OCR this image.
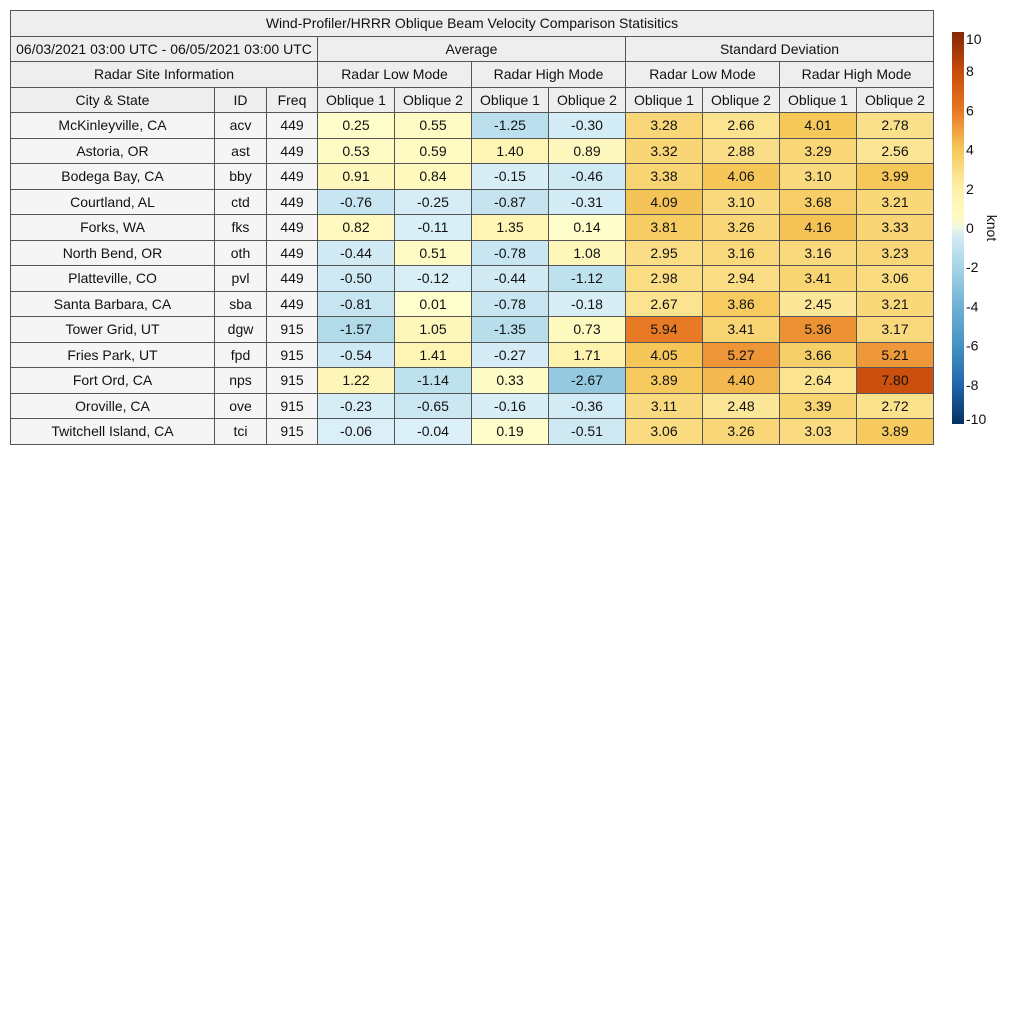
Wind-Profiler/HRRR Oblique Beam Velocity Comparison Statisitics										
06/03/2021 03:00 UTC - 06/05/2021 03:00 UTC			Average				Standard Deviation			
Radar Site Information			Radar Low Mode		Radar High Mode		Radar Low Mode		Radar High Mode	
City & State	ID	Freq	Oblique 1	Oblique 2	Oblique 1	Oblique 2	Oblique 1	Oblique 2	Oblique 1	Oblique 2
McKinleyville, CA	acv	449	0.25	0.55	-1.25	-0.30	3.28	2.66	4.01	2.78
Astoria, OR	ast	449	0.53	0.59	1.40	0.89	3.32	2.88	3.29	2.56
Bodega Bay, CA	bby	449	0.91	0.84	-0.15	-0.46	3.38	4.06	3.10	3.99
Courtland, AL	ctd	449	-0.76	-0.25	-0.87	-0.31	4.09	3.10	3.68	3.21
Forks, WA	fks	449	0.82	-0.11	1.35	0.14	3.81	3.26	4.16	3.33
North Bend, OR	oth	449	-0.44	0.51	-0.78	1.08	2.95	3.16	3.16	3.23
Platteville, CO	pvl	449	-0.50	-0.12	-0.44	-1.12	2.98	2.94	3.41	3.06
Santa Barbara, CA	sba	449	-0.81	0.01	-0.78	-0.18	2.67	3.86	2.45	3.21
Tower Grid, UT	dgw	915	-1.57	1.05	-1.35	0.73	5.94	3.41	5.36	3.17
Fries Park, UT	fpd	915	-0.54	1.41	-0.27	1.71	4.05	5.27	3.66	5.21
Fort Ord, CA	nps	915	1.22	-1.14	0.33	-2.67	3.89	4.40	2.64	7.80
Oroville, CA	ove	915	-0.23	-0.65	-0.16	-0.36	3.11	2.48	3.39	2.72
Twitchell Island, CA	tci	915	-0.06	-0.04	0.19	-0.51	3.06	3.26	3.03	3.89
10
8
6
4
2
0
-2
-4
-6
-8
-10
knot
